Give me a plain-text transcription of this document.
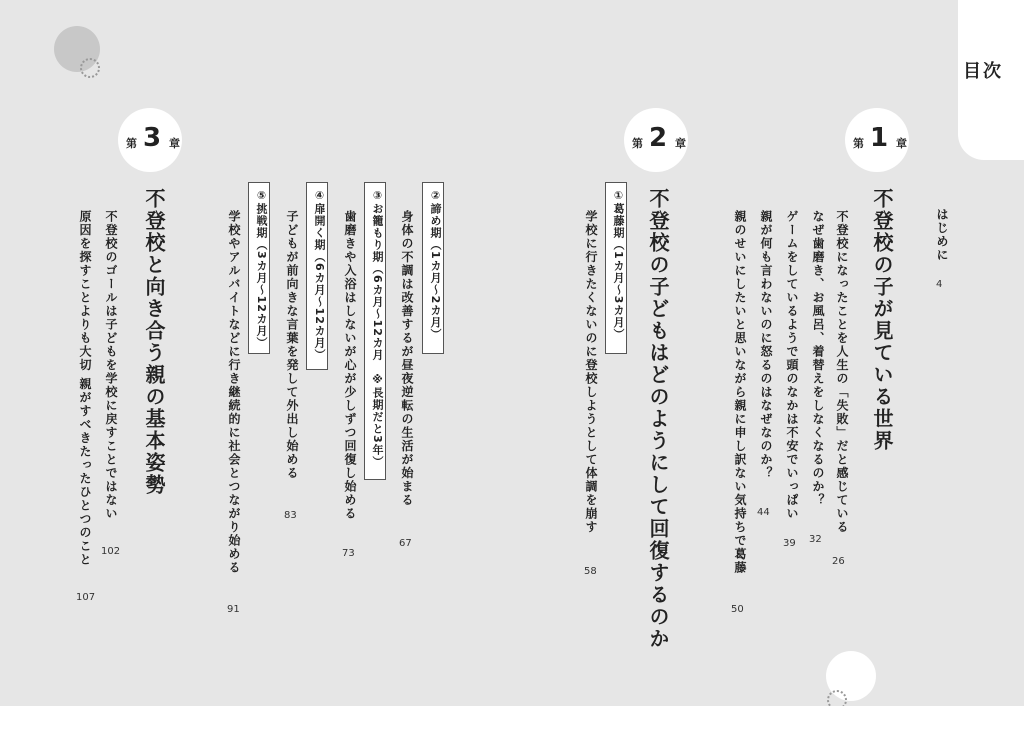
目次
はじめに
4
第 1 章
不登校の子が見ている世界
不登校になったことを人生の「失敗」だと感じている
26
なぜ歯磨き、お風呂、着替えをしなくなるのか？
32
ゲームをしているようで頭のなかは不安でいっぱい
39
親が何も言わないのに怒るのはなぜなのか？
44
親のせいにしたいと思いながら親に申し訳ない気持ちで葛藤
50
第 2 章
不登校の子どもはどのようにして回復するのか
①葛藤期（1カ月〜3カ月）
学校に行きたくないのに登校しようとして体調を崩す
58
第 3 章
不登校と向き合う親の基本姿勢	②諦め期（1カ月〜2カ月）
身体の不調は改善するが昼夜逆転の生活が始まる
67
③お籠もり期（6カ月〜12カ月　※長期だと3年）
歯磨きや入浴はしないが心が少しずつ回復し始める
73
④扉開く期（6カ月〜12カ月）
子どもが前向きな言葉を発して外出し始める
83
⑤挑戦期（3カ月〜12カ月）
学校やアルバイトなどに行き継続的に社会とつながり始める
91
不登校のゴールは子どもを学校に戻すことではない
102
原因を探すことよりも大切 親がすべきたったひとつのこと
107
